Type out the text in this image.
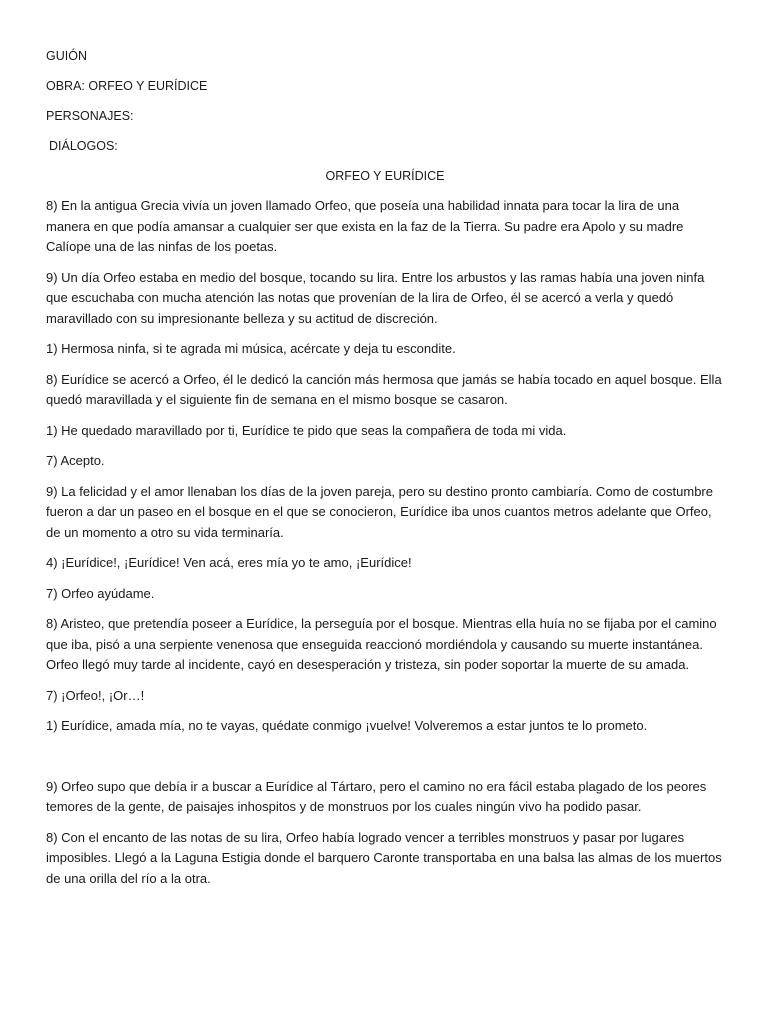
GUIÓN

OBRA: ORFEO Y EURÍDICE

PERSONAJES:

DIÁLOGOS:

ORFEO Y EURÍDICE

8) En la antigua Grecia vivía un joven llamado Orfeo, que poseía una habilidad innata para tocar la lira de una manera en que podía amansar a cualquier ser que exista en la faz de la Tierra. Su padre era Apolo y su madre Calíope una de las ninfas de los poetas.

9) Un día Orfeo estaba en medio del bosque, tocando su lira. Entre los arbustos y las ramas había una joven ninfa que escuchaba con mucha atención las notas que provenían de la lira de Orfeo, él se acercó a verla y quedó maravillado con su impresionante belleza y su actitud de discreción.

1) Hermosa ninfa, si te agrada mi música, acércate y deja tu escondite.

8) Eurídice se acercó a Orfeo, él le dedicó la canción más hermosa que jamás se había tocado en aquel bosque. Ella quedó maravillada y el siguiente fin de semana en el mismo bosque se casaron.

1) He quedado maravillado por ti, Eurídice te pido que seas la compañera de toda mi vida.

7) Acepto.

9) La felicidad y el amor llenaban los días de la joven pareja, pero su destino pronto cambiaría. Como de costumbre fueron a dar un paseo en el bosque en el que se conocieron, Eurídice iba unos cuantos metros adelante que Orfeo, de un momento a otro su vida terminaría.

4) ¡Eurídice!, ¡Eurídice! Ven acá, eres mía yo te amo, ¡Eurídice!

7) Orfeo ayúdame.

8) Aristeo, que pretendía poseer a Eurídice, la perseguía por el bosque. Mientras ella huía no se fijaba por el camino que iba, pisó a una serpiente venenosa que enseguida reaccionó mordiéndola y causando su muerte instantánea. Orfeo llegó muy tarde al incidente, cayó en desesperación y tristeza, sin poder soportar la muerte de su amada.

7) ¡Orfeo!, ¡Or…!

1) Eurídice, amada mía, no te vayas, quédate conmigo ¡vuelve! Volveremos a estar juntos te lo prometo.

9) Orfeo supo que debía ir a buscar a Eurídice al Tártaro, pero el camino no era fácil estaba plagado de los peores temores de la gente, de paisajes inhospitos y de monstruos por los cuales ningún vivo ha podido pasar.

8) Con el encanto de las notas de su lira, Orfeo había logrado vencer a terribles monstruos y pasar por lugares imposibles. Llegó a la Laguna Estigia donde el barquero Caronte transportaba en una balsa las almas de los muertos de una orilla del río a la otra.
